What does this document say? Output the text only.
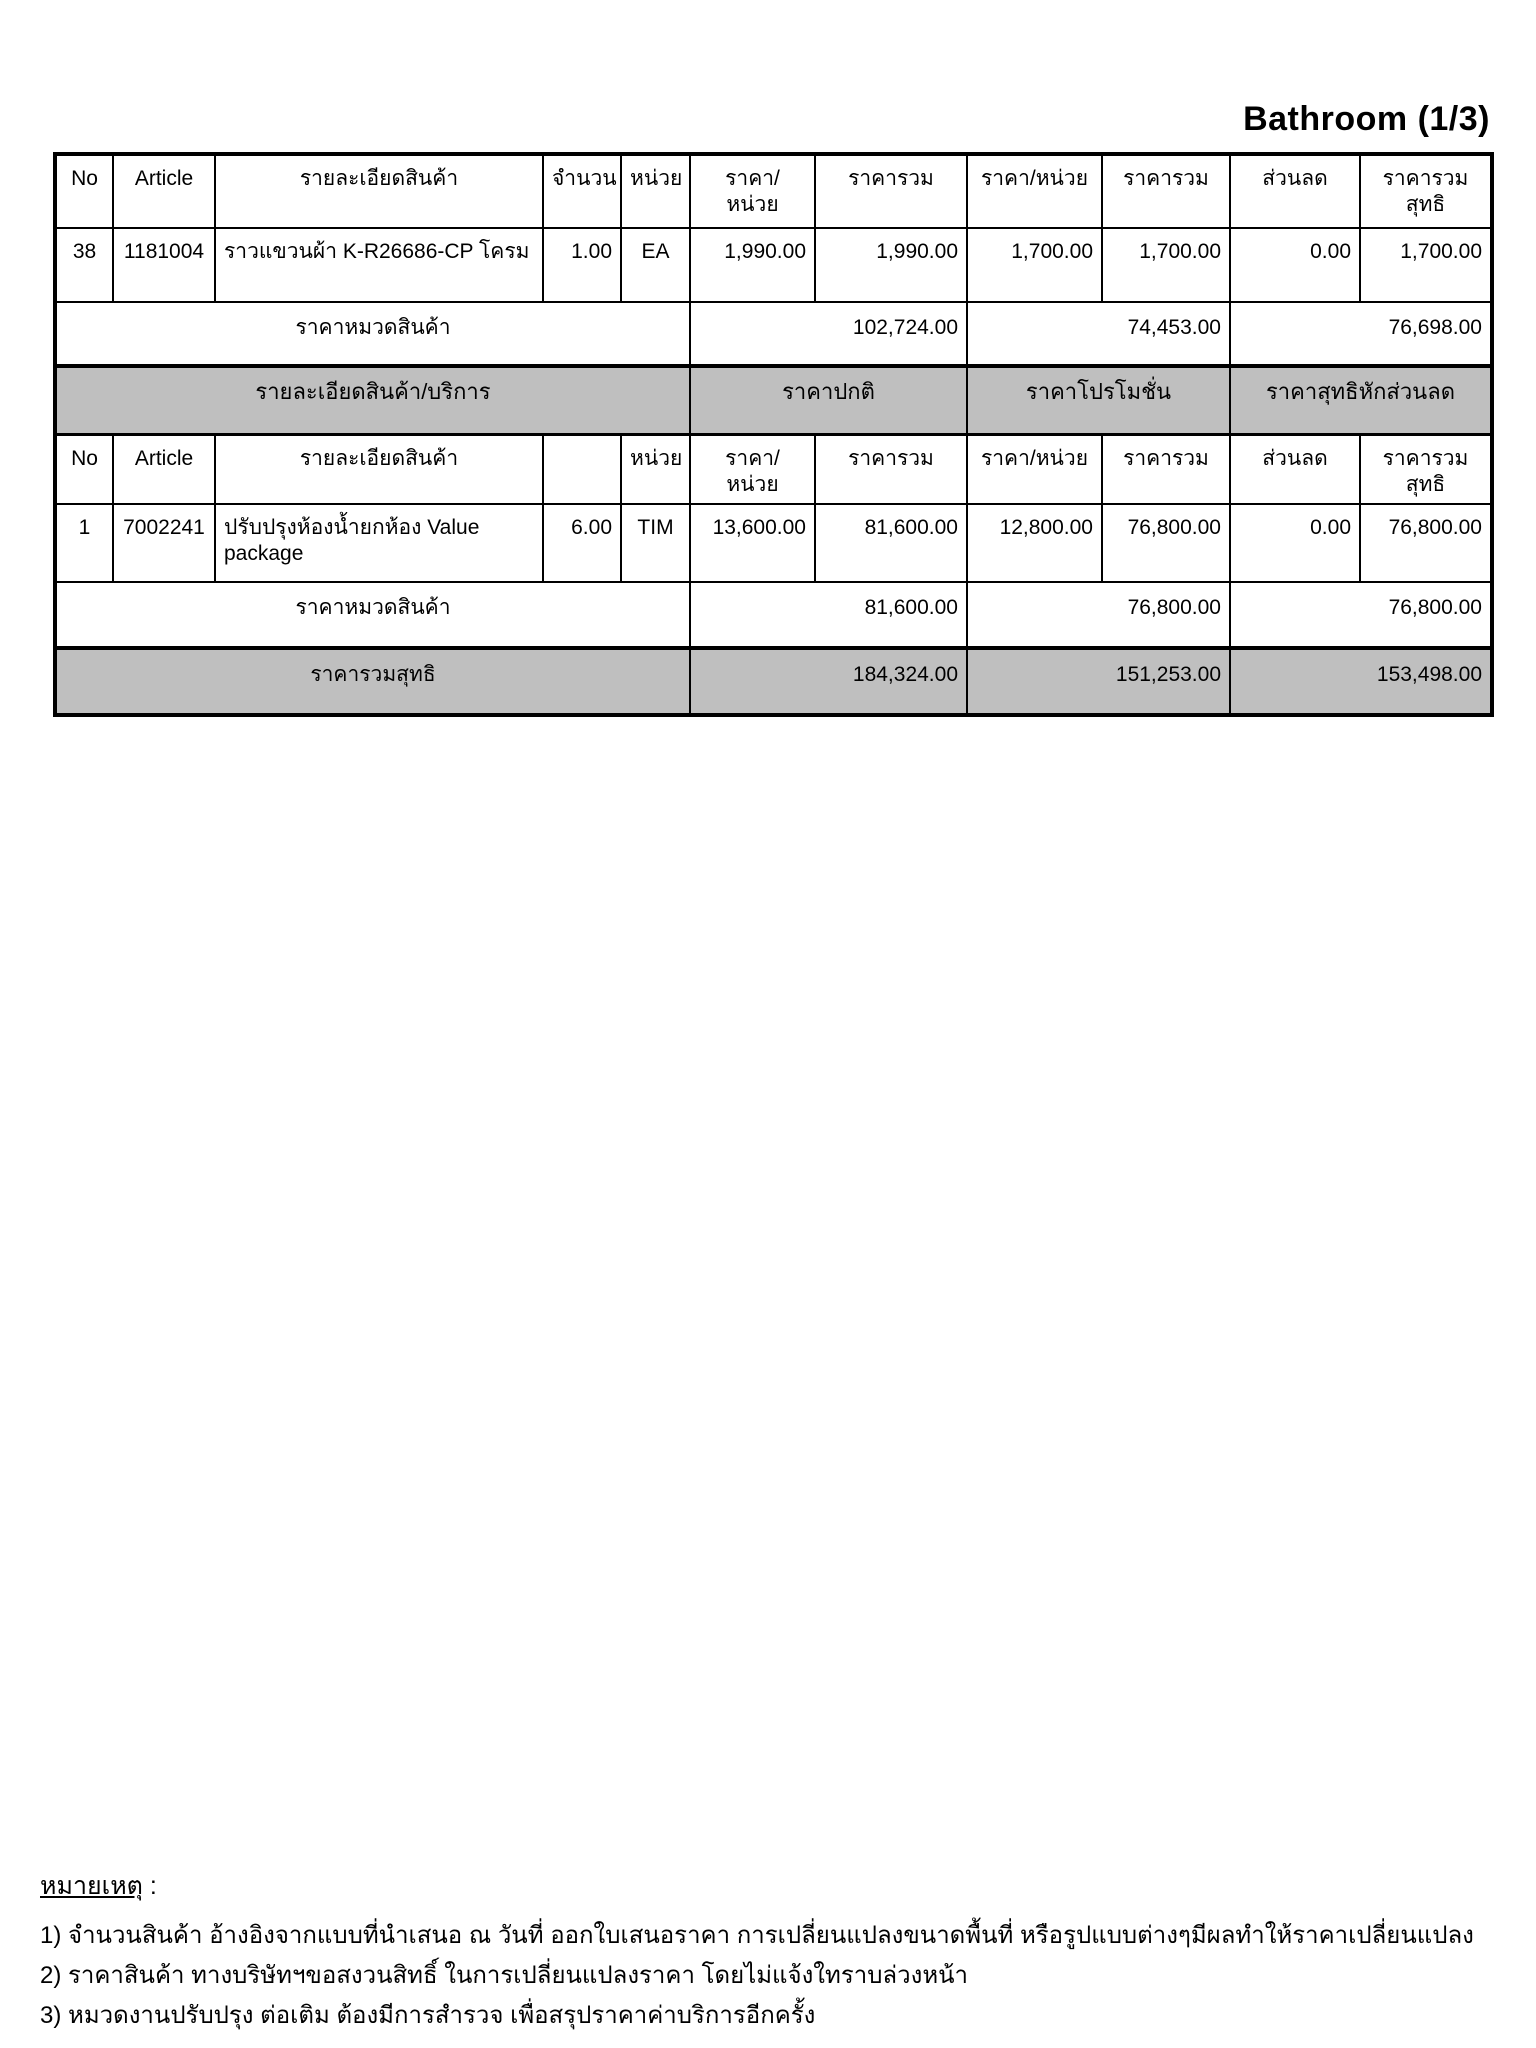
Bathroom (1/3)
No	Article	รายละเอียดสินค้า	จำนวน	หน่วย	ราคา/หน่วย	ราคารวม	ราคา/หน่วย	ราคารวม	ส่วนลด	ราคารวมสุทธิ
38	1181004	ราวแขวนผ้า K-R26686-CP โครม	1.00	EA	1,990.00	1,990.00	1,700.00	1,700.00	0.00	1,700.00
ราคาหมวดสินค้า					102,724.00		74,453.00		76,698.00	
รายละเอียดสินค้า/บริการ					ราคาปกติ		ราคาโปรโมชั่น		ราคาสุทธิหักส่วนลด	
No	Article	รายละเอียดสินค้า		หน่วย	ราคา/หน่วย	ราคารวม	ราคา/หน่วย	ราคารวม	ส่วนลด	ราคารวมสุทธิ
1	7002241	ปรับปรุงห้องน้ำยกห้อง Value package	6.00	TIM	13,600.00	81,600.00	12,800.00	76,800.00	0.00	76,800.00
ราคาหมวดสินค้า					81,600.00		76,800.00		76,800.00	
ราคารวมสุทธิ					184,324.00		151,253.00		153,498.00	
หมายเหตุ :
1) จำนวนสินค้า อ้างอิงจากแบบที่นำเสนอ ณ วันที่ ออกใบเสนอราคา การเปลี่ยนแปลงขนาดพื้นที่ หรือรูปแบบต่างๆมีผลทำให้ราคาเปลี่ยนแปลง
2) ราคาสินค้า ทางบริษัทฯขอสงวนสิทธิ์ ในการเปลี่ยนแปลงราคา โดยไม่แจ้งใทราบล่วงหน้า
3) หมวดงานปรับปรุง ต่อเติม ต้องมีการสำรวจ เพื่อสรุปราคาค่าบริการอีกครั้ง
